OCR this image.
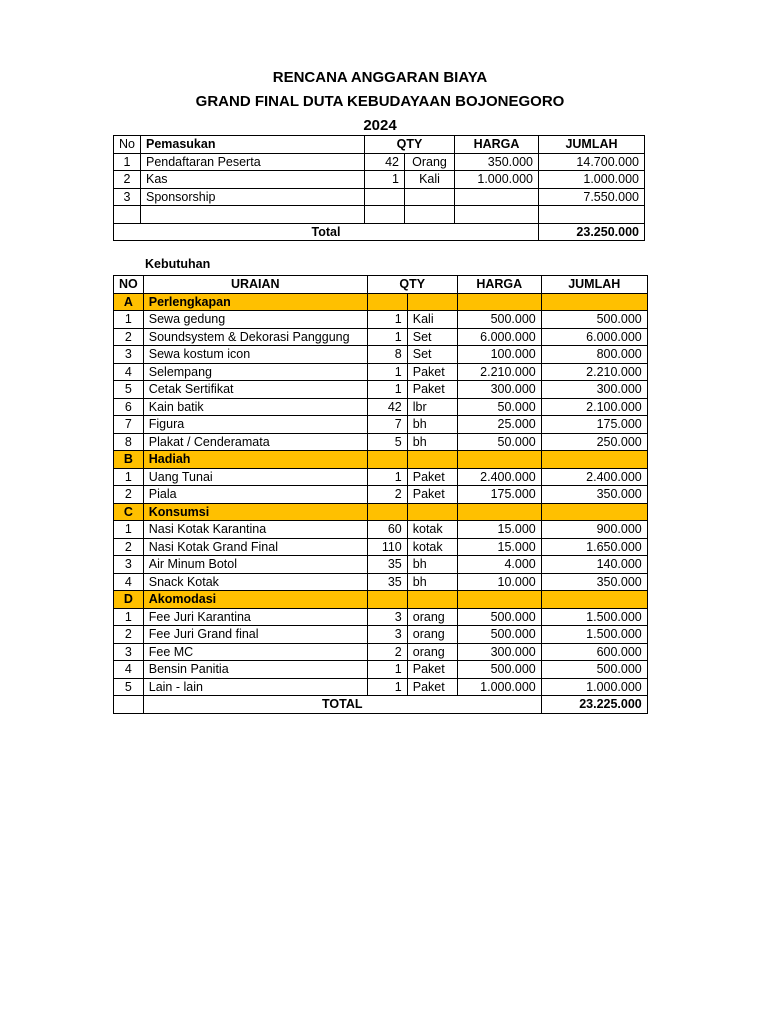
RENCANA ANGGARAN BIAYA
GRAND FINAL DUTA KEBUDAYAAN BOJONEGORO
2024
No	Pemasukan	QTY		HARGA	JUMLAH
1	Pendaftaran Peserta	42	Orang	350.000	14.700.000
2	Kas	1	Kali	1.000.000	1.000.000
3	Sponsorship				7.550.000

Total					23.250.000
Kebutuhan
NO	URAIAN	QTY		HARGA	JUMLAH
A	Perlengkapan				
1	Sewa gedung	1	Kali	500.000	500.000
2	Soundsystem & Dekorasi Panggung	1	Set	6.000.000	6.000.000
3	Sewa kostum icon	8	Set	100.000	800.000
4	Selempang	1	Paket	2.210.000	2.210.000
5	Cetak Sertifikat	1	Paket	300.000	300.000
6	Kain batik	42	lbr	50.000	2.100.000
7	Figura	7	bh	25.000	175.000
8	Plakat / Cenderamata	5	bh	50.000	250.000
B	Hadiah				
1	Uang Tunai	1	Paket	2.400.000	2.400.000
2	Piala	2	Paket	175.000	350.000
C	Konsumsi				
1	Nasi Kotak Karantina	60	kotak	15.000	900.000
2	Nasi Kotak Grand Final	110	kotak	15.000	1.650.000
3	Air Minum Botol	35	bh	4.000	140.000
4	Snack Kotak	35	bh	10.000	350.000
D	Akomodasi				
1	Fee Juri Karantina	3	orang	500.000	1.500.000
2	Fee Juri Grand final	3	orang	500.000	1.500.000
3	Fee MC	2	orang	300.000	600.000
4	Bensin Panitia	1	Paket	500.000	500.000
5	Lain - lain	1	Paket	1.000.000	1.000.000
	TOTAL				23.225.000
